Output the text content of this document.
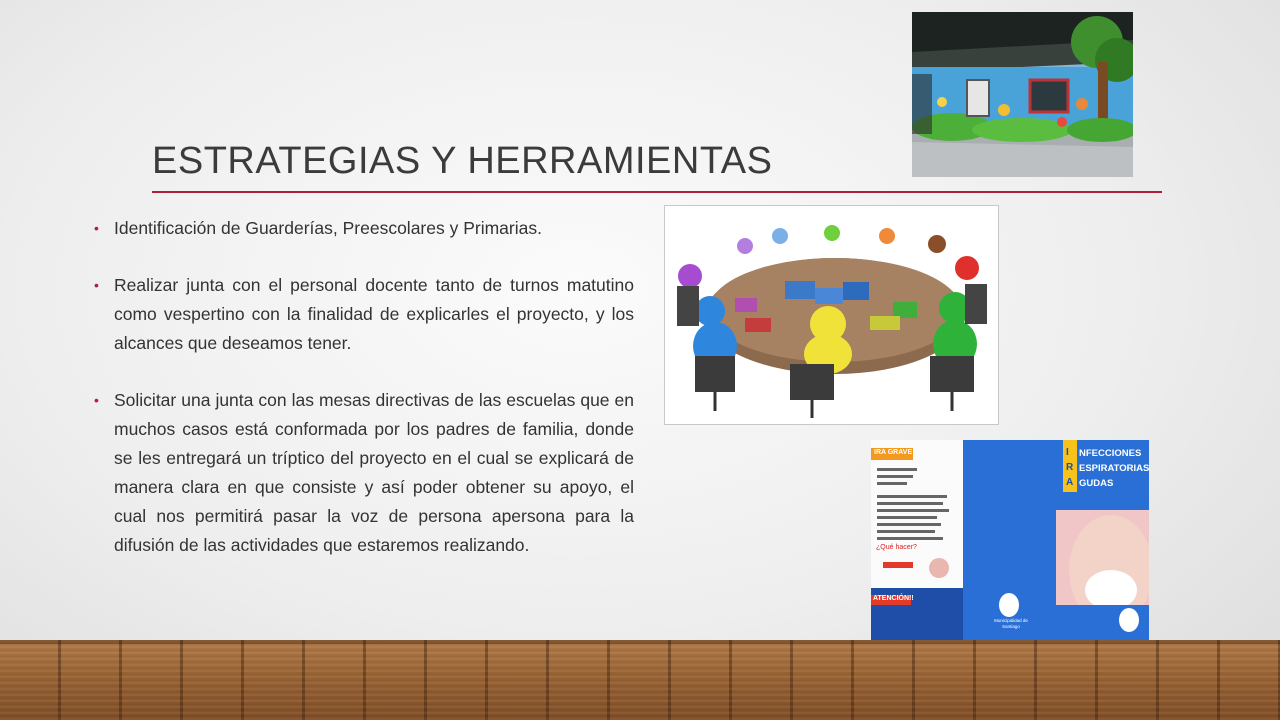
ESTRATEGIAS Y HERRAMIENTAS
• Identificación de Guarderías, Preescolares y Primarias.
• Realizar junta con el personal docente tanto de turnos matutino como vespertino con la finalidad de explicarles el proyecto, y los alcances que deseamos tener.
• Solicitar una junta con las mesas directivas de las escuelas que en muchos casos está conformada por los padres de familia, donde se les entregará un tríptico del proyecto en el cual se explicará de manera clara en que consiste y así poder obtener su apoyo, el cual nos permitirá pasar la voz de persona apersona para la difusión de las actividades que estaremos realizando.
IRA GRAVE
¿Qué hacer?
ATENCIÓN!!
I
R
A
NFECCIONES
ESPIRATORIAS
GUDAS
Municipalidad de Santiago
